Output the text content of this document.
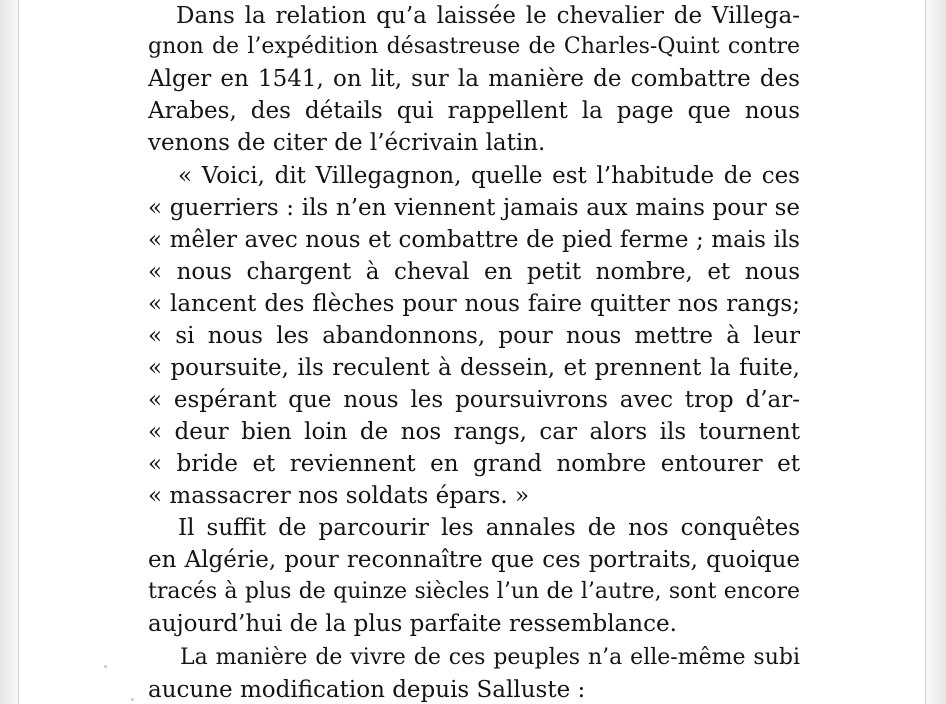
Dans la relation qu’a laissée le chevalier de Villega-
gnon de l’expédition désastreuse de Charles-Quint contre
Alger en 1541, on lit, sur la manière de combattre des
Arabes, des détails qui rappellent la page que nous
venons de citer de l’écrivain latin.
« Voici, dit Villegagnon, quelle est l’habitude de ces
« guerriers : ils n’en viennent jamais aux mains pour se
« mêler avec nous et combattre de pied ferme ; mais ils
« nous chargent à cheval en petit nombre, et nous
« lancent des flèches pour nous faire quitter nos rangs;
« si nous les abandonnons, pour nous mettre à leur
« poursuite, ils reculent à dessein, et prennent la fuite,
« espérant que nous les poursuivrons avec trop d’ar-
« deur bien loin de nos rangs, car alors ils tournent
« bride et reviennent en grand nombre entourer et
« massacrer nos soldats épars. »
Il suffit de parcourir les annales de nos conquêtes
en Algérie, pour reconnaître que ces portraits, quoique
tracés à plus de quinze siècles l’un de l’autre, sont encore
aujourd’hui de la plus parfaite ressemblance.
La manière de vivre de ces peuples n’a elle-même subi
aucune modification depuis Salluste :
